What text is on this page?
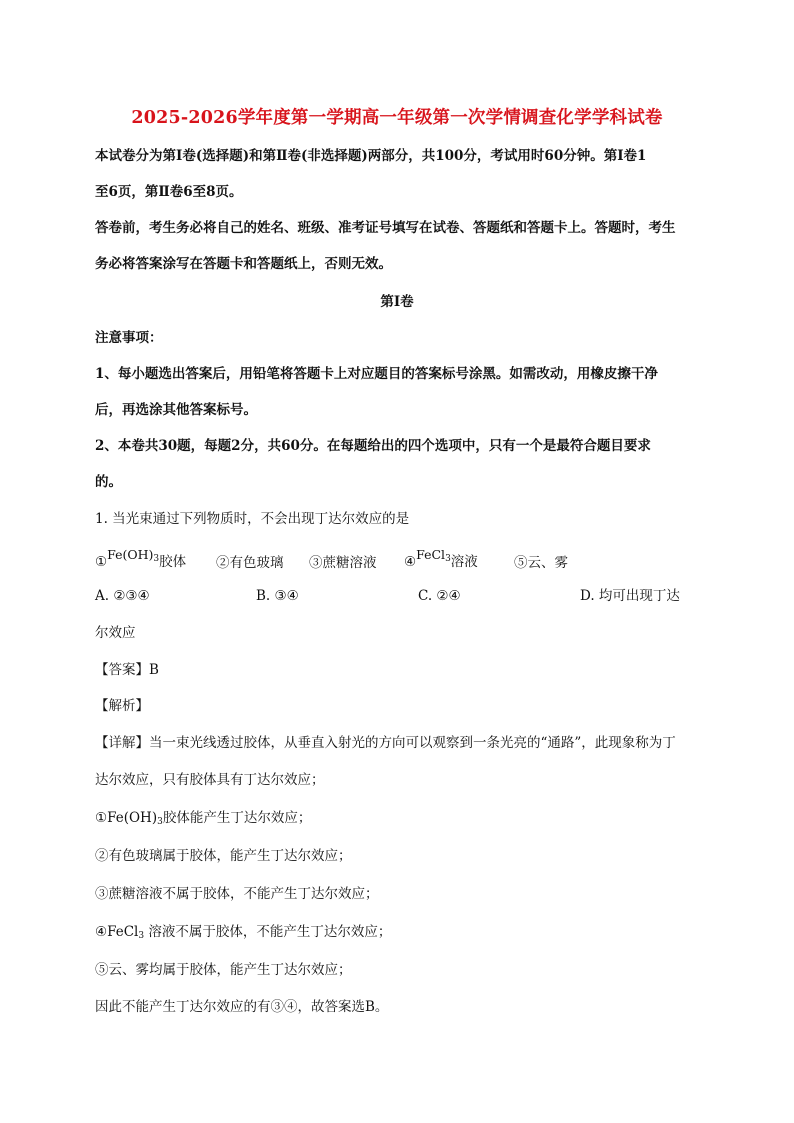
2025-2026学年度第一学期高一年级第一次学情调查化学学科试卷
本试卷分为第Ⅰ卷(选择题)和第Ⅱ卷(非选择题)两部分，共100分，考试用时60分钟。第Ⅰ卷1
至6页，第Ⅱ卷6至8页。
答卷前，考生务必将自己的姓名、班级、准考证号填写在试卷、答题纸和答题卡上。答题时，考生
务必将答案涂写在答题卡和答题纸上，否则无效。
第Ⅰ卷
注意事项：
1、每小题选出答案后，用铅笔将答题卡上对应题目的答案标号涂黑。如需改动，用橡皮擦干净
后，再选涂其他答案标号。
2、本卷共30题，每题2分，共60分。在每题给出的四个选项中，只有一个是最符合题目要求
的。
1. 当光束通过下列物质时，不会出现丁达尔效应的是
$①Fe(OH)_3$胶体 ②有色玻璃 ③蔗糖溶液 ④FeCl$_3$溶液	⑤云、雾
A. ②③④	B. ③④	C. ②④	D. 均可出现丁达
尔效应
【答案】B
【解析】
【详解】当一束光线透过胶体，从垂直入射光的方向可以观察到一条光亮的“通路”，此现象称为丁
达尔效应，只有胶体具有丁达尔效应；
$①Fe(OH)_3$胶体能产生丁达尔效应；
②有色玻璃属于胶体，能产生丁达尔效应；
③蔗糖溶液不属于胶体，不能产生丁达尔效应；
④FeCl$_3$ 溶液不属于胶体，不能产生丁达尔效应；
⑤云、雾均属于胶体，能产生丁达尔效应；
因此不能产生丁达尔效应的有③④，故答案选B。
